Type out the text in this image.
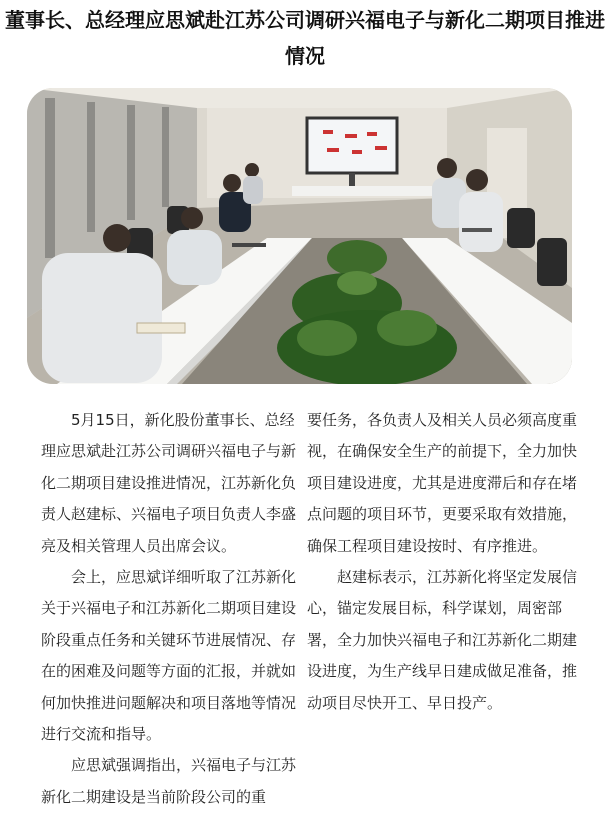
董事长、总经理应思斌赴江苏公司调研兴福电子与新化二期项目推进情况

5月15日，新化股份董事长、总经理应思斌赴江苏公司调研兴福电子与新化二期项目建设推进情况，江苏新化负责人赵建标、兴福电子项目负责人李盛亮及相关管理人员出席会议。

会上，应思斌详细听取了江苏新化关于兴福电子和江苏新化二期项目建设阶段重点任务和关键环节进展情况、存在的困难及问题等方面的汇报，并就如何加快推进问题解决和项目落地等情况进行交流和指导。

应思斌强调指出，兴福电子与江苏新化二期建设是当前阶段公司的重

要任务，各负责人及相关人员必须高度重视，在确保安全生产的前提下，全力加快项目建设进度，尤其是进度滞后和存在堵点问题的项目环节，更要采取有效措施，确保工程项目建设按时、有序推进。

赵建标表示，江苏新化将坚定发展信心，锚定发展目标，科学谋划，周密部署，全力加快兴福电子和江苏新化二期建设进度，为生产线早日建成做足准备，推动项目尽快开工、早日投产。
